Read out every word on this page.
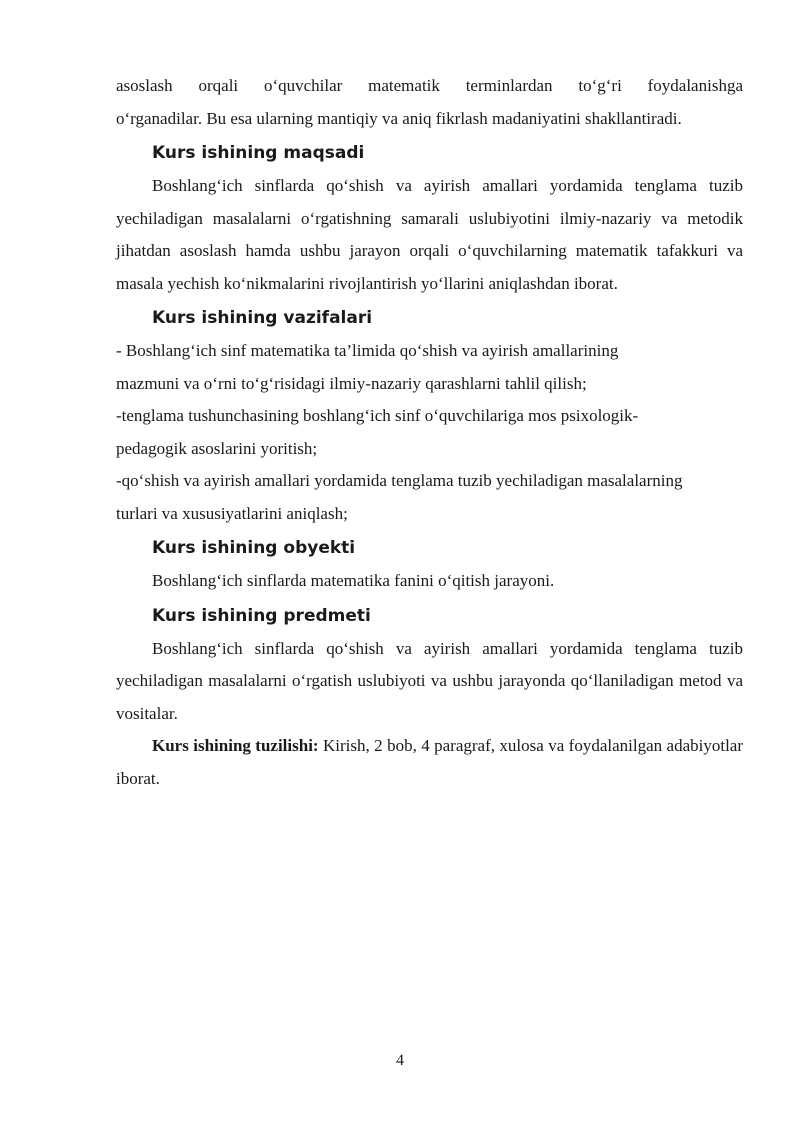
asoslash orqali o‘quvchilar matematik terminlardan to‘g‘ri foydalanishga
o‘rganadilar. Bu esa ularning mantiqiy va aniq fikrlash madaniyatini shakllantiradi.

Kurs ishining maqsadi

Boshlang‘ich sinflarda qo‘shish va ayirish amallari yordamida tenglama tuzib yechiladigan masalalarni o‘rgatishning samarali uslubiyotini ilmiy-nazariy va metodik jihatdan asoslash hamda ushbu jarayon orqali o‘quvchilarning matematik tafakkuri va masala yechish ko‘nikmalarini rivojlantirish yo‘llarini aniqlashdan iborat.

Kurs ishining vazifalari

- Boshlang‘ich sinf matematika ta’limida qo‘shish va ayirish amallarining

mazmuni va o‘rni to‘g‘risidagi ilmiy-nazariy qarashlarni tahlil qilish;

-tenglama tushunchasining boshlang‘ich sinf o‘quvchilariga mos psixologik-

pedagogik asoslarini yoritish;

-qo‘shish va ayirish amallari yordamida tenglama tuzib yechiladigan masalalarning

turlari va xususiyatlarini aniqlash;

Kurs ishining obyekti

Boshlang‘ich sinflarda matematika fanini o‘qitish jarayoni.

Kurs ishining predmeti

Boshlang‘ich sinflarda qo‘shish va ayirish amallari yordamida tenglama tuzib yechiladigan masalalarni o‘rgatish uslubiyoti va ushbu jarayonda qo‘llaniladigan metod va vositalar.

Kurs ishining tuzilishi: Kirish, 2 bob, 4 paragraf, xulosa va foydalanilgan adabiyotlar iborat.

4
